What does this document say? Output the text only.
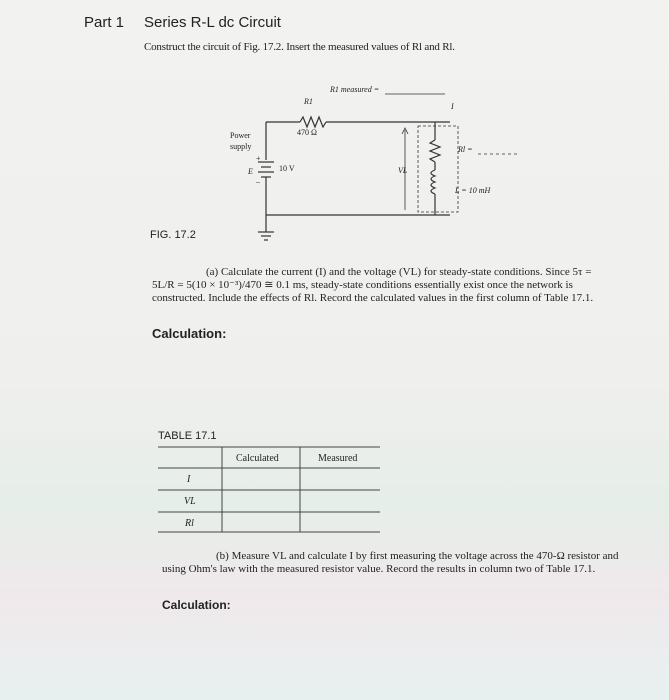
Part 1 Series R-L dc Circuit
Construct the circuit of Fig. 17.2. Insert the measured values of Rl and Rl.
R1
470 Ω
R1 measured =
Power supply
E
+
–
10 V
I
VL
Rl =
L = 10 mH
FIG. 17.2
(a) Calculate the current (I) and the voltage (VL) for steady-state conditions. Since 5τ = 5L/R = 5(10 × 10⁻³)/470 ≅ 0.1 ms, steady-state conditions essentially exist once the network is constructed. Include the effects of Rl. Record the calculated values in the first column of Table 17.1.
Calculation:
TABLE 17.1
Calculated	Measured
I
VL
Rl
(b) Measure VL and calculate I by first measuring the voltage across the 470-Ω resistor and using Ohm's law with the measured resistor value. Record the results in column two of Table 17.1.
Calculation:
